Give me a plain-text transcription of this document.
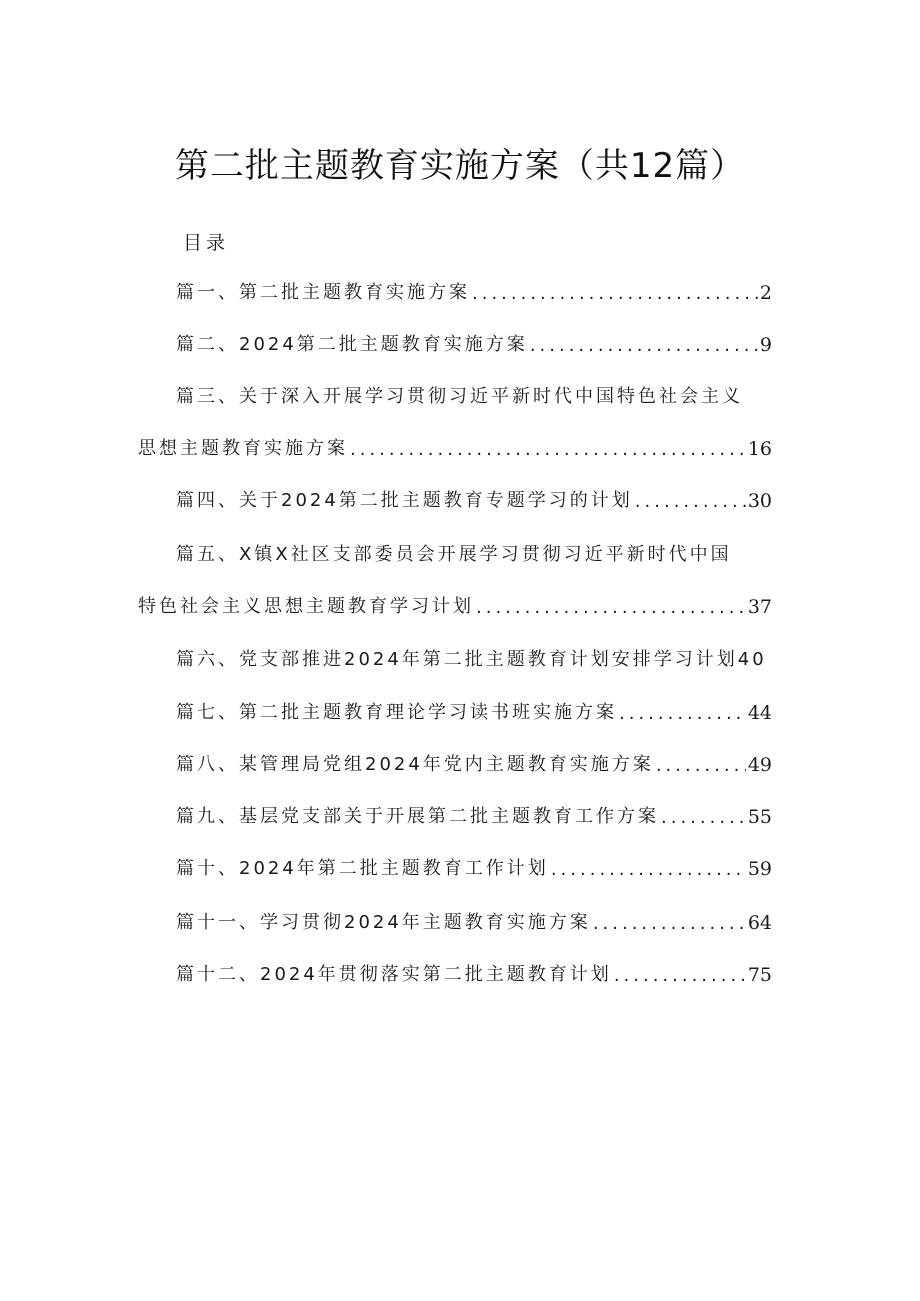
第二批主题教育实施方案（共12篇）
目录
篇一、第二批主题教育实施方案 .....	2
篇二、2024第二批主题教育实施方案 .....	9
篇三、关于深入开展学习贯彻习近平新时代中国特色社会主义
思想主题教育实施方案 .....	16
篇四、关于2024第二批主题教育专题学习的计划 .....	30
篇五、X镇X社区支部委员会开展学习贯彻习近平新时代中国
特色社会主义思想主题教育学习计划 .....	37
篇六、党支部推进2024年第二批主题教育计划安排学习计划40
篇七、第二批主题教育理论学习读书班实施方案 .....	44
篇八、某管理局党组2024年党内主题教育实施方案 .....	49
篇九、基层党支部关于开展第二批主题教育工作方案 .....	55
篇十、2024年第二批主题教育工作计划 .....	59
篇十一、学习贯彻2024年主题教育实施方案 .....	64
篇十二、2024年贯彻落实第二批主题教育计划 .....	75
